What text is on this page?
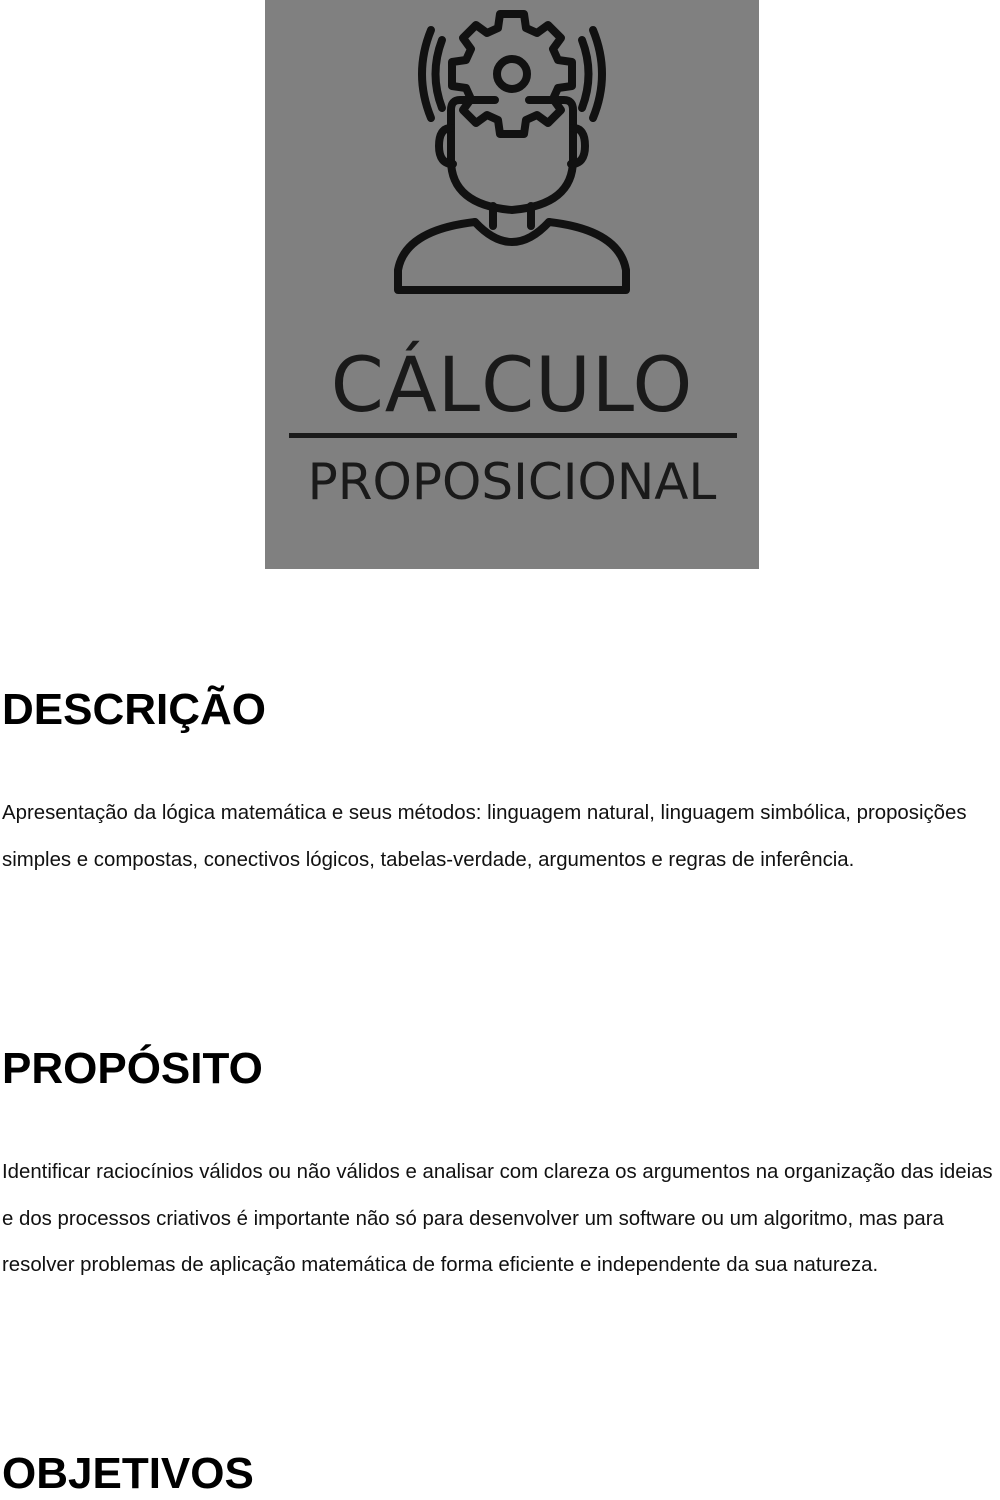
CÁLCULO
PROPOSICIONAL
DESCRIÇÃO

Apresentação da lógica matemática e seus métodos: linguagem natural, linguagem simbólica, proposições simples e compostas, conectivos lógicos, tabelas-verdade, argumentos e regras de inferência.

PROPÓSITO

Identificar raciocínios válidos ou não válidos e analisar com clareza os argumentos na organização das ideias e dos processos criativos é importante não só para desenvolver um software ou um algoritmo, mas para resolver problemas de aplicação matemática de forma eficiente e independente da sua natureza.

OBJETIVOS
